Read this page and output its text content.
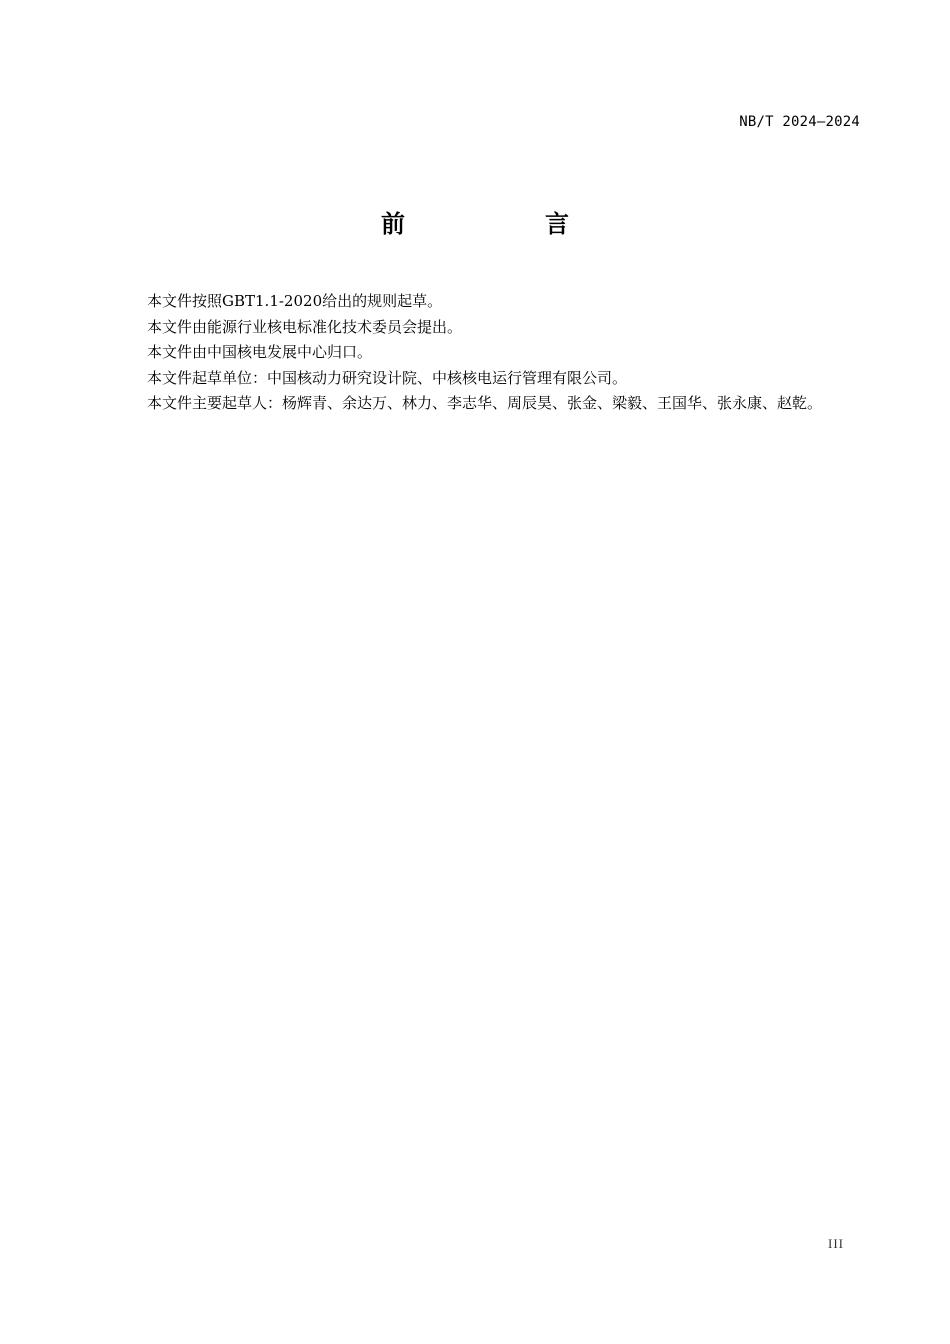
NB/T 2024—2024
前　言

本文件按照GBT1.1-2020给出的规则起草。

本文件由能源行业核电标准化技术委员会提出。

本文件由中国核电发展中心归口。

本文件起草单位：中国核动力研究设计院、中核核电运行管理有限公司。

本文件主要起草人：杨辉青、余达万、林力、李志华、周辰昊、张金、梁毅、王国华、张永康、赵乾。

III
